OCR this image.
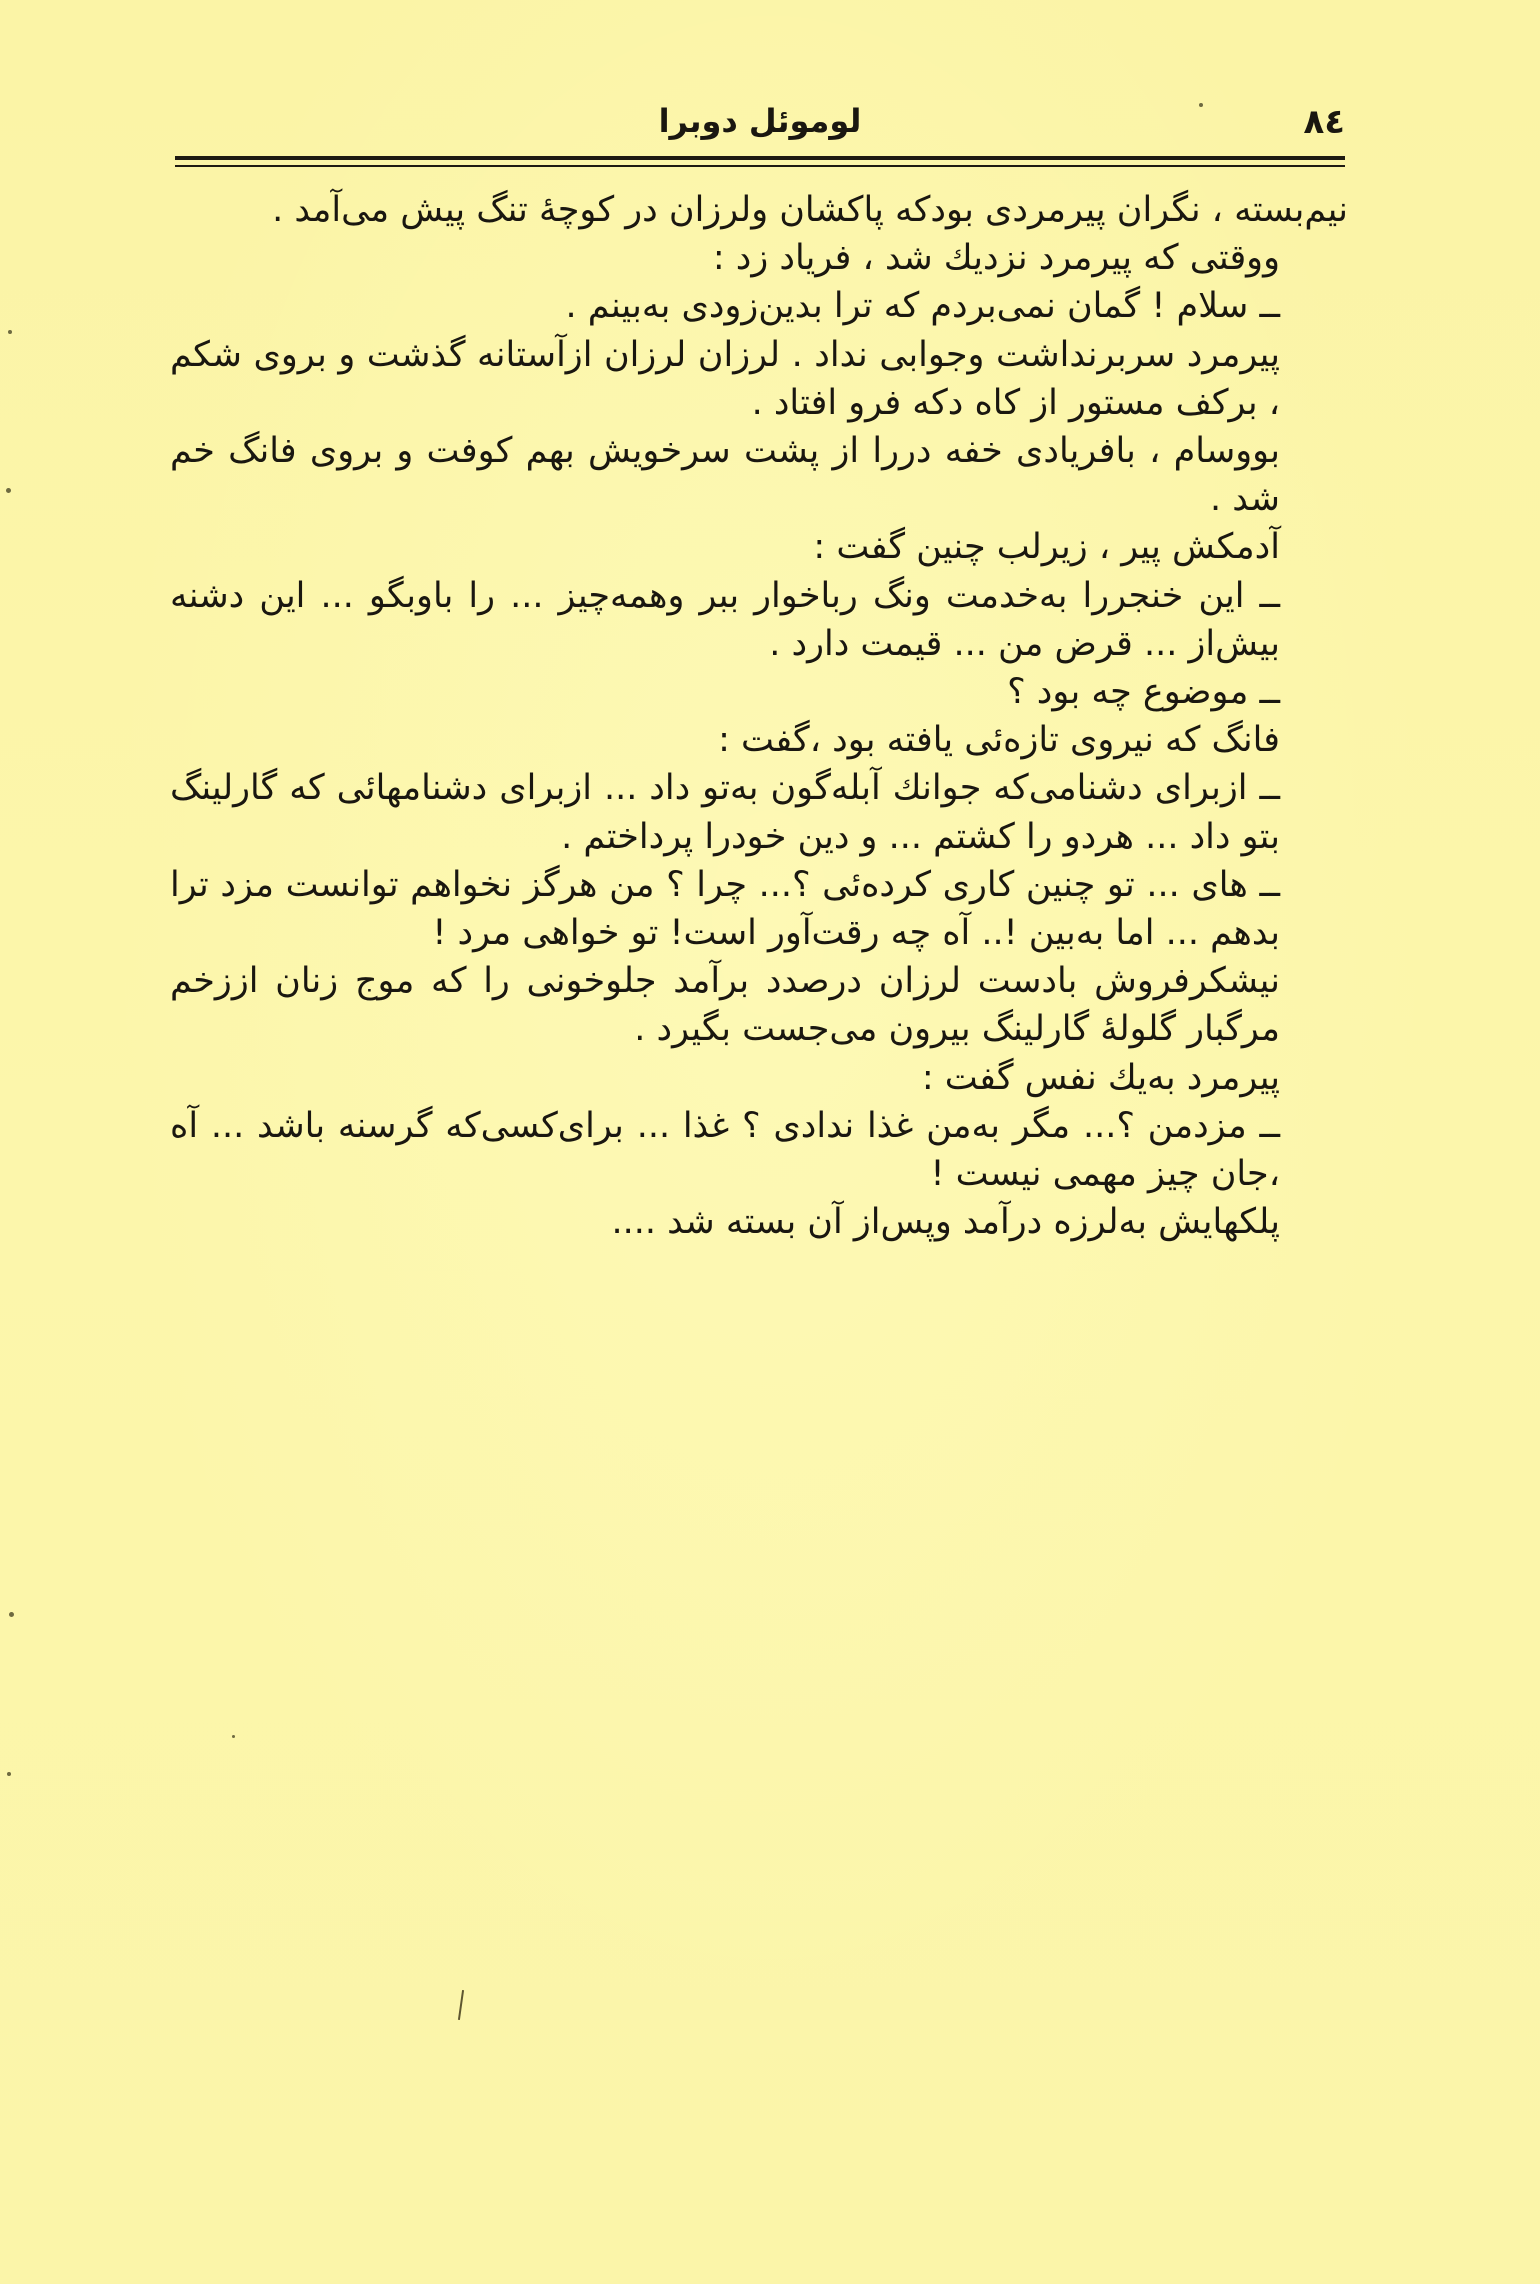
۸٤
لوموئل دوبرا

نیم‌بسته ، نگران پیرمردی بودکه پاکشان ولرزان در کوچهٔ تنگ پیش می‌آمد .

ووقتی که پیرمرد نزدیك شد ، فریاد زد :

ــ سلام ! گمان نمی‌بردم که ترا بدین‌زودی به‌بینم .

پیرمرد سربرنداشت وجوابی نداد . لرزان لرزان ازآستانه گذشت و بروی شکم ، برکف مستور از کاه دکه فرو افتاد .

بووسام ، بافریادی خفه دررا از پشت سرخویش بهم کوفت و بروی فانگ خم شد .

آدمکش پیر ، زیرلب چنین گفت :

ــ این خنجررا به‌خدمت ونگ رباخوار ببر وهمه‌چیز ... را باوبگو ... این دشنه بیش‌از ... قرض من ... قیمت دارد .

ــ موضوع چه بود ؟

فانگ که نیروی تازه‌ئی یافته بود ،گفت :

ــ ازبرای دشنامی‌که جوانك آبله‌گون به‌تو داد ... ازبرای دشنامهائی که گارلینگ بتو داد ... هردو را کشتم ... و دین خودرا پرداختم .

ــ های ... تو چنین کاری کرده‌ئی ؟... چرا ؟ من هرگز نخواهم توانست مزد ترا بدهم ... اما به‌بین !.. آه چه رقت‌آور است! تو خواهی مرد !

نیشکرفروش بادست لرزان درصدد برآمد جلوخونی را که موج زنان اززخم مرگبار گلولهٔ گارلینگ بیرون می‌جست بگیرد .

پیرمرد به‌یك نفس گفت :

ــ مزدمن ؟... مگر به‌من غذا ندادی ؟ غذا ... برای‌کسی‌که گرسنه باشد ... آه ،جان چیز مهمی نیست !

پلکهایش به‌لرزه درآمد وپس‌از آن بسته شد ....
